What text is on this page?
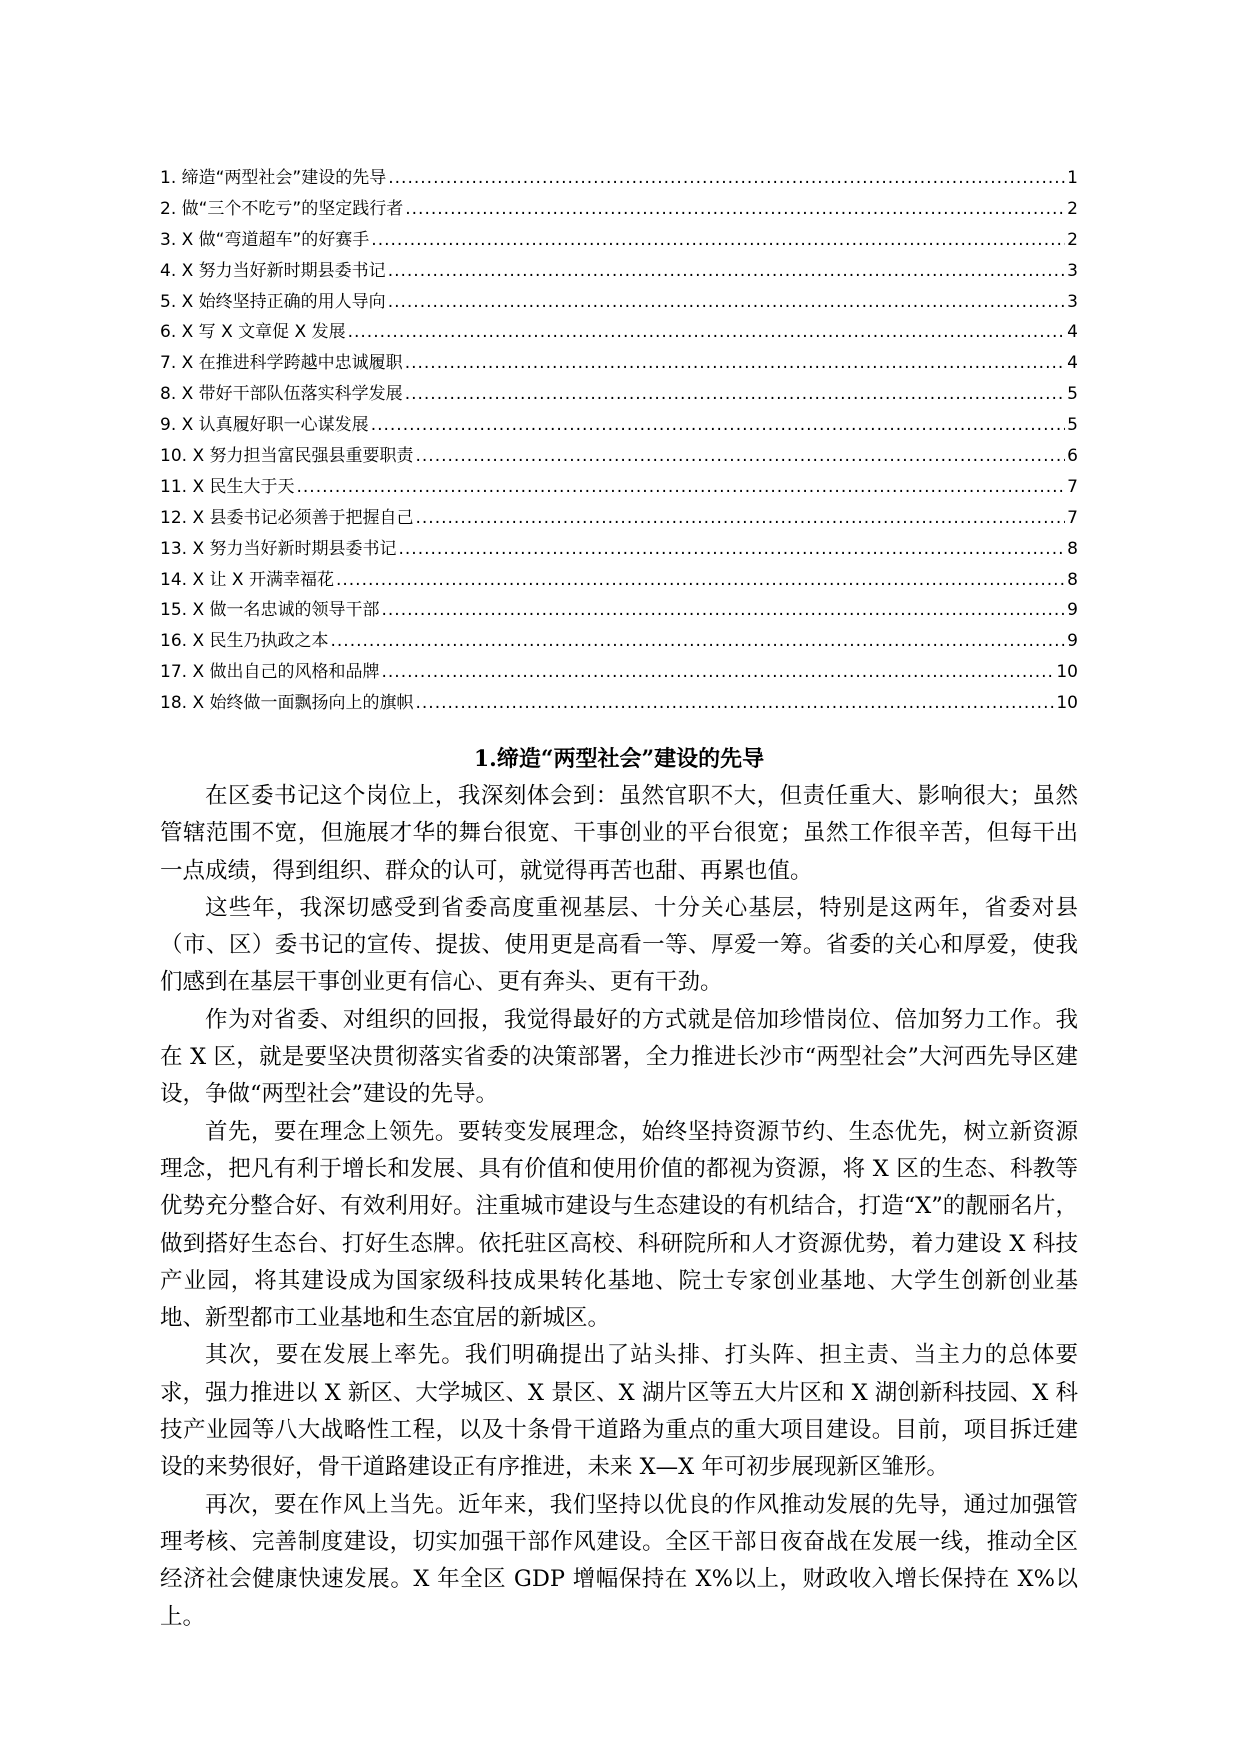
1. 缔造“两型社会”建设的先导 .....	1
2. 做“三个不吃亏”的坚定践行者 .....	2
3. X 做“弯道超车”的好赛手 .....	2
4. X 努力当好新时期县委书记 .....	3
5. X 始终坚持正确的用人导向 .....	3
6. X 写 X 文章促 X 发展 .....	4
7. X 在推进科学跨越中忠诚履职 .....	4
8. X 带好干部队伍落实科学发展 .....	5
9. X 认真履好职一心谋发展 .....	5
10. X 努力担当富民强县重要职责 .....	6
11. X 民生大于天 .....	7
12. X 县委书记必须善于把握自己 .....	7
13. X 努力当好新时期县委书记 .....	8
14. X 让 X 开满幸福花 .....	8
15. X 做一名忠诚的领导干部 .....	9
16. X 民生乃执政之本 .....	9
17. X 做出自己的风格和品牌 .....	10
18. X 始终做一面飘扬向上的旗帜 .....	10
1.缔造“两型社会”建设的先导

在区委书记这个岗位上，我深刻体会到：虽然官职不大，但责任重大、影响很大；虽然管辖范围不宽，但施展才华的舞台很宽、干事创业的平台很宽；虽然工作很辛苦，但每干出一点成绩，得到组织、群众的认可，就觉得再苦也甜、再累也值。

这些年，我深切感受到省委高度重视基层、十分关心基层，特别是这两年，省委对县（市、区）委书记的宣传、提拔、使用更是高看一等、厚爱一筹。省委的关心和厚爱，使我们感到在基层干事创业更有信心、更有奔头、更有干劲。

作为对省委、对组织的回报，我觉得最好的方式就是倍加珍惜岗位、倍加努力工作。我在 X 区，就是要坚决贯彻落实省委的决策部署，全力推进长沙市“两型社会”大河西先导区建设，争做“两型社会”建设的先导。

首先，要在理念上领先。要转变发展理念，始终坚持资源节约、生态优先，树立新资源理念，把凡有利于增长和发展、具有价值和使用价值的都视为资源，将 X 区的生态、科教等优势充分整合好、有效利用好。注重城市建设与生态建设的有机结合，打造“X”的靓丽名片，做到搭好生态台、打好生态牌。依托驻区高校、科研院所和人才资源优势，着力建设 X 科技产业园，将其建设成为国家级科技成果转化基地、院士专家创业基地、大学生创新创业基地、新型都市工业基地和生态宜居的新城区。

其次，要在发展上率先。我们明确提出了站头排、打头阵、担主责、当主力的总体要求，强力推进以 X 新区、大学城区、X 景区、X 湖片区等五大片区和 X 湖创新科技园、X 科技产业园等八大战略性工程，以及十条骨干道路为重点的重大项目建设。目前，项目拆迁建设的来势很好，骨干道路建设正有序推进，未来 X—X 年可初步展现新区雏形。

再次，要在作风上当先。近年来，我们坚持以优良的作风推动发展的先导，通过加强管理考核、完善制度建设，切实加强干部作风建设。全区干部日夜奋战在发展一线，推动全区经济社会健康快速发展。X 年全区 GDP 增幅保持在 X%以上，财政收入增长保持在 X%以上。
